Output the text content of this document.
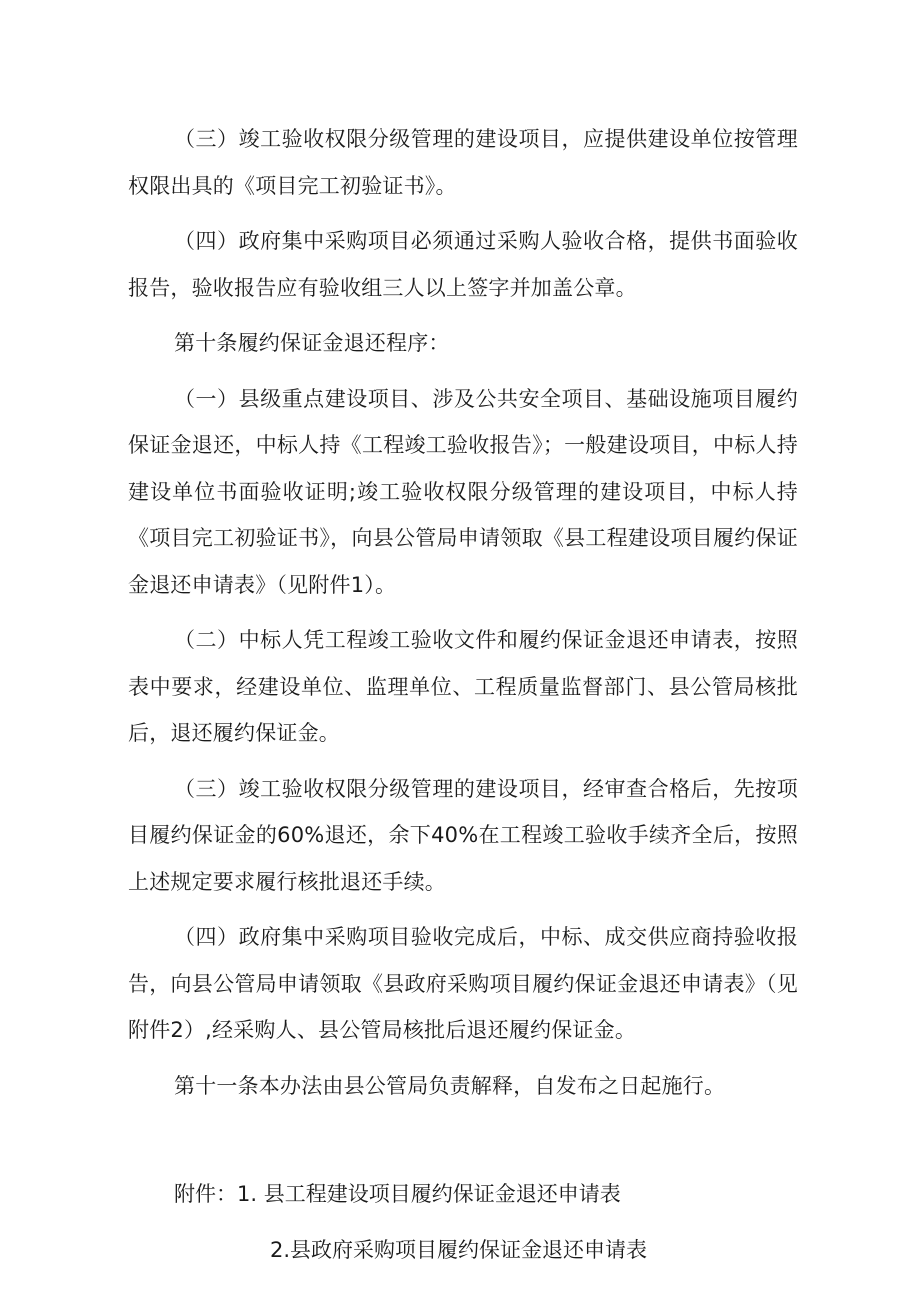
（三）竣工验收权限分级管理的建设项目，应提供建设单位按管理权限出具的《项目完工初验证书》。

（四）政府集中采购项目必须通过采购人验收合格，提供书面验收报告，验收报告应有验收组三人以上签字并加盖公章。

第十条履约保证金退还程序：

（一）县级重点建设项目、涉及公共安全项目、基础设施项目履约保证金退还，中标人持《工程竣工验收报告》；一般建设项目，中标人持建设单位书面验收证明;竣工验收权限分级管理的建设项目，中标人持《项目完工初验证书》，向县公管局申请领取《县工程建设项目履约保证金退还申请表》（见附件1）。

（二）中标人凭工程竣工验收文件和履约保证金退还申请表，按照表中要求，经建设单位、监理单位、工程质量监督部门、县公管局核批后，退还履约保证金。

（三）竣工验收权限分级管理的建设项目，经审查合格后，先按项目履约保证金的60%退还，余下40%在工程竣工验收手续齐全后，按照上述规定要求履行核批退还手续。

（四）政府集中采购项目验收完成后，中标、成交供应商持验收报告，向县公管局申请领取《县政府采购项目履约保证金退还申请表》（见附件2）,经采购人、县公管局核批后退还履约保证金。

第十一条本办法由县公管局负责解释，自发布之日起施行。

附件：1. 县工程建设项目履约保证金退还申请表

2.县政府采购项目履约保证金退还申请表
